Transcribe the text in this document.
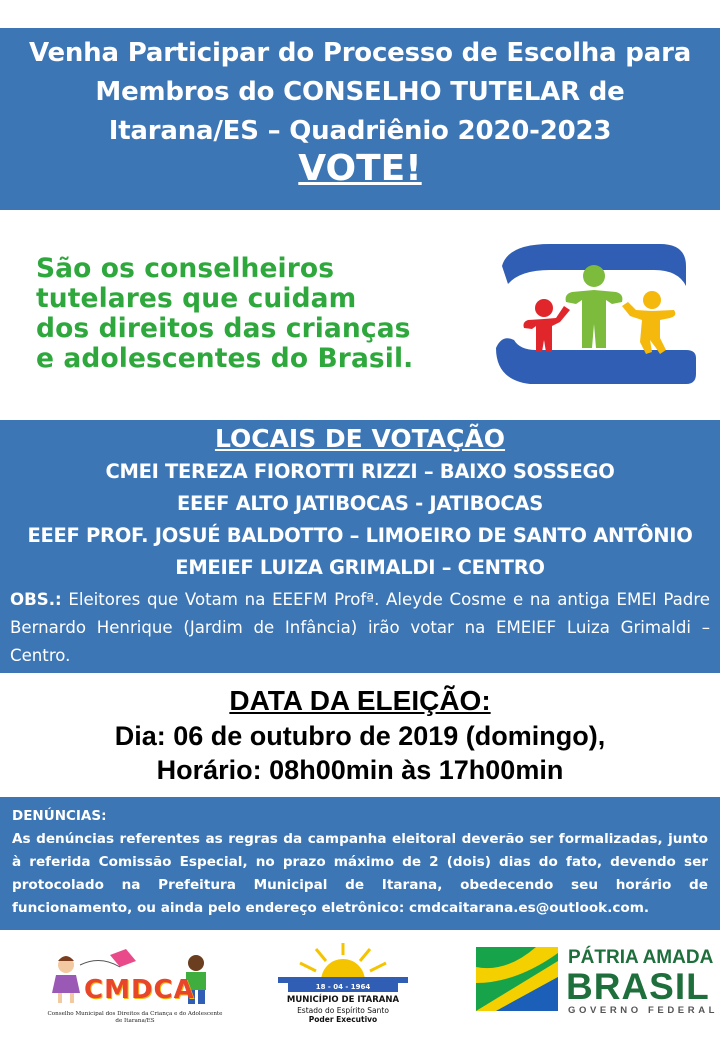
Venha Participar do Processo de Escolha para
Membros do CONSELHO TUTELAR de
Itarana/ES – Quadriênio 2020-2023
VOTE!
São os conselheiros
tutelares que cuidam
dos direitos das crianças
e adolescentes do Brasil.
LOCAIS DE VOTAÇÃO
CMEI TEREZA FIOROTTI RIZZI – BAIXO SOSSEGO
EEEF ALTO JATIBOCAS - JATIBOCAS
EEEF PROF. JOSUÉ BALDOTTO – LIMOEIRO DE SANTO ANTÔNIO
EMEIEF LUIZA GRIMALDI – CENTRO
OBS.: Eleitores que Votam na EEEFM Profª. Aleyde Cosme e na antiga EMEI Padre Bernardo Henrique (Jardim de Infância) irão votar na EMEIEF Luiza Grimaldi – Centro.
DATA DA ELEIÇÃO:
Dia: 06 de outubro de 2019 (domingo),
Horário: 08h00min às 17h00min
DENÚNCIAS:
As denúncias referentes as regras da campanha eleitoral deverão ser formalizadas, junto à referida Comissão Especial, no prazo máximo de 2 (dois) dias do fato, devendo ser protocolado na Prefeitura Municipal de Itarana, obedecendo seu horário de funcionamento, ou ainda pelo endereço eletrônico: cmdcaitarana.es@outlook.com.
CMDCA
Conselho Municipal dos Direitos da Criança e do Adolescente
de Itarana/ES
18 - 04 - 1964
MUNICÍPIO DE ITARANA
Estado do Espírito Santo
Poder Executivo
PÁTRIA AMADA
BRASIL
GOVERNO FEDERAL
